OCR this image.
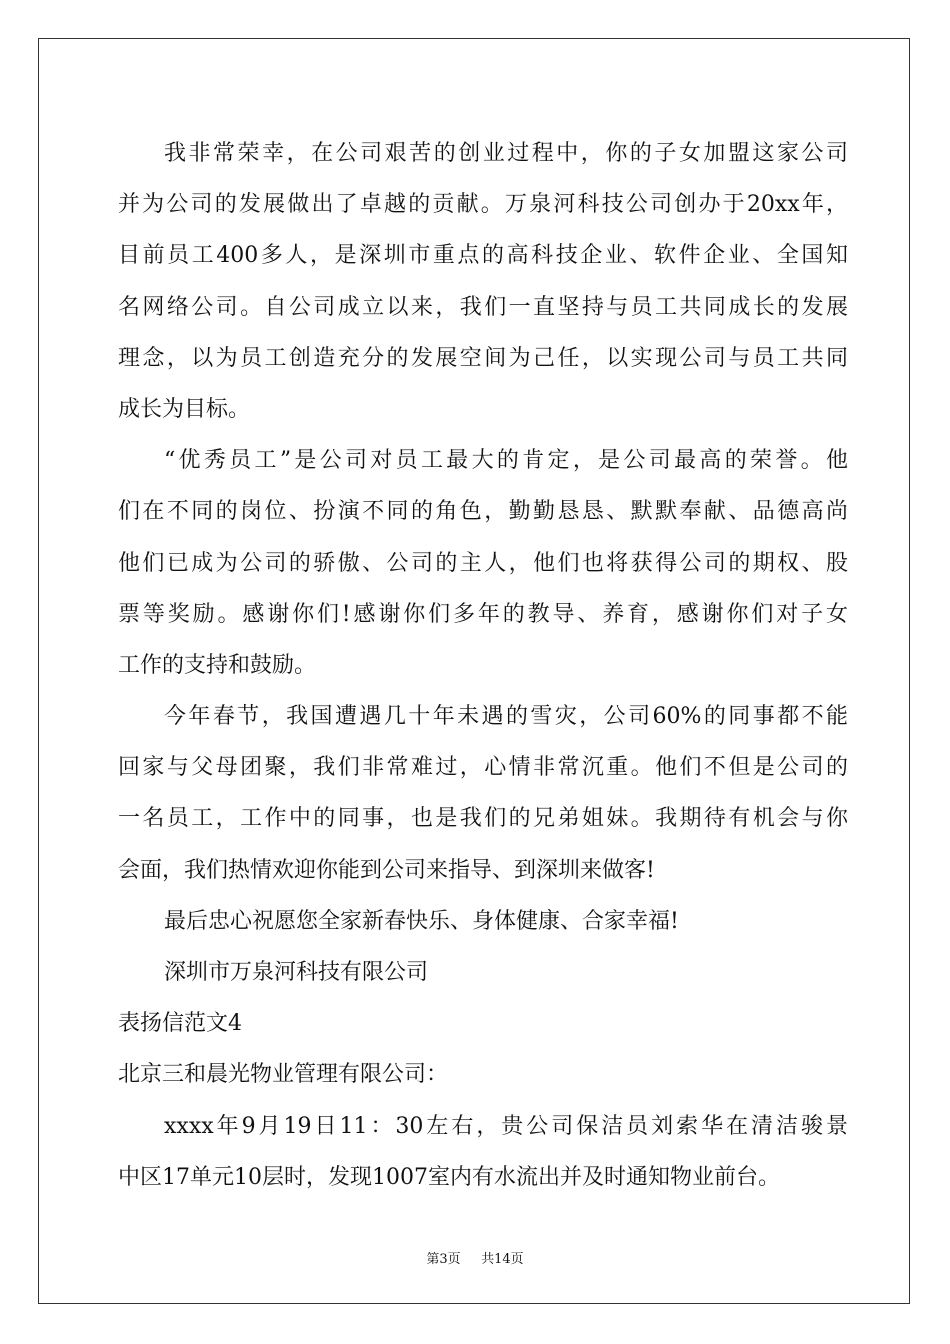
我非常荣幸，在公司艰苦的创业过程中，你的子女加盟这家公司
并为公司的发展做出了卓越的贡献。万泉河科技公司创办于20xx年，
目前员工400多人，是深圳市重点的高科技企业、软件企业、全国知
名网络公司。自公司成立以来，我们一直坚持与员工共同成长的发展
理念，以为员工创造充分的发展空间为己任，以实现公司与员工共同
成长为目标。
“优秀员工”是公司对员工最大的肯定，是公司最高的荣誉。他
们在不同的岗位、扮演不同的角色，勤勤恳恳、默默奉献、品德高尚
他们已成为公司的骄傲、公司的主人，他们也将获得公司的期权、股
票等奖励。感谢你们!感谢你们多年的教导、养育，感谢你们对子女
工作的支持和鼓励。
今年春节，我国遭遇几十年未遇的雪灾，公司60%的同事都不能
回家与父母团聚，我们非常难过，心情非常沉重。他们不但是公司的
一名员工，工作中的同事，也是我们的兄弟姐妹。我期待有机会与你
会面，我们热情欢迎你能到公司来指导、到深圳来做客!
最后忠心祝愿您全家新春快乐、身体健康、合家幸福!
深圳市万泉河科技有限公司
表扬信范文4
北京三和晨光物业管理有限公司：
xxxx年9月19日11：30左右，贵公司保洁员刘索华在清洁骏景
中区17单元10层时，发现1007室内有水流出并及时通知物业前台。
第3页 共14页
